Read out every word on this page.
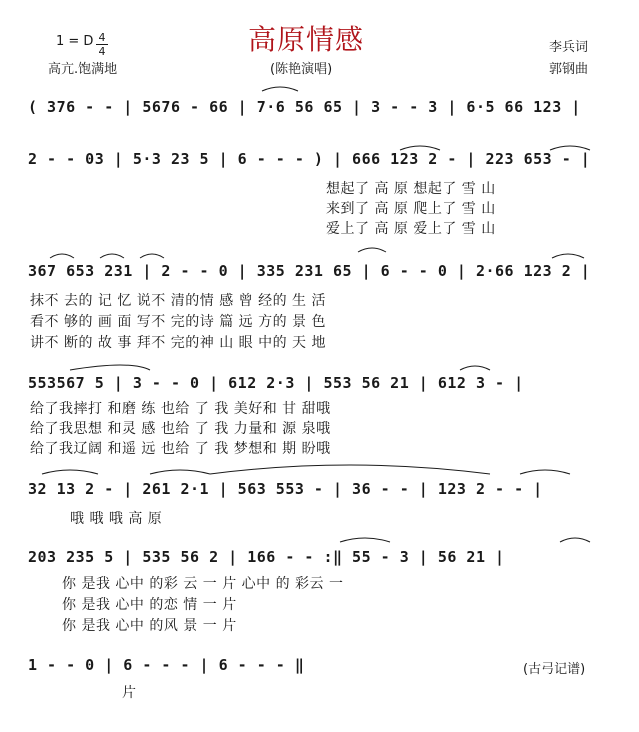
高原情感
1 = D 4
4
高亢.饱满地	(陈艳演唱)
李兵词
郭钢曲
( 376 - - | 5676 - 66 | 7·6 56 65 | 3 - - 3 | 6·5 66 123 |
2 - - 03 | 5·3 23 5 | 6 - - - ) | 666 123 2 - | 223 653 - |
想起了 高 原 想起了 雪 山
来到了 高 原 爬上了 雪 山
爱上了 高 原 爱上了 雪 山
367 653 231 | 2 - - 0 | 335 231 65 | 6 - - 0 | 2·66 123 2 |
抹不 去的 记 忆 说不 清的情 感 曾 经的 生 活
看不 够的 画 面 写不 完的诗 篇 远 方的 景 色
讲不 断的 故 事 拜不 完的神 山 眼 中的 天 地
553567 5 | 3 - - 0 | 612 2·3 | 553 56 21 | 612 3 - |
给了我摔打 和磨 练 也给 了 我 美好和 甘 甜哦
给了我思想 和灵 感 也给 了 我 力量和 源 泉哦
给了我辽阔 和遥 远 也给 了 我 梦想和 期 盼哦
32 13 2 - | 261 2·1 | 563 553 - | 36 - - | 123 2 - - |
哦 哦 哦 高 原
203 235 5 | 535 56 2 | 166 - - :‖ 55 - 3 | 56 21 |
你 是我 心中 的彩 云 一 片 心中 的 彩云 一
你 是我 心中 的恋 情 一 片
你 是我 心中 的风 景 一 片
1 - - 0 | 6 - - - | 6 - - - ‖
片
(古弓记谱)
